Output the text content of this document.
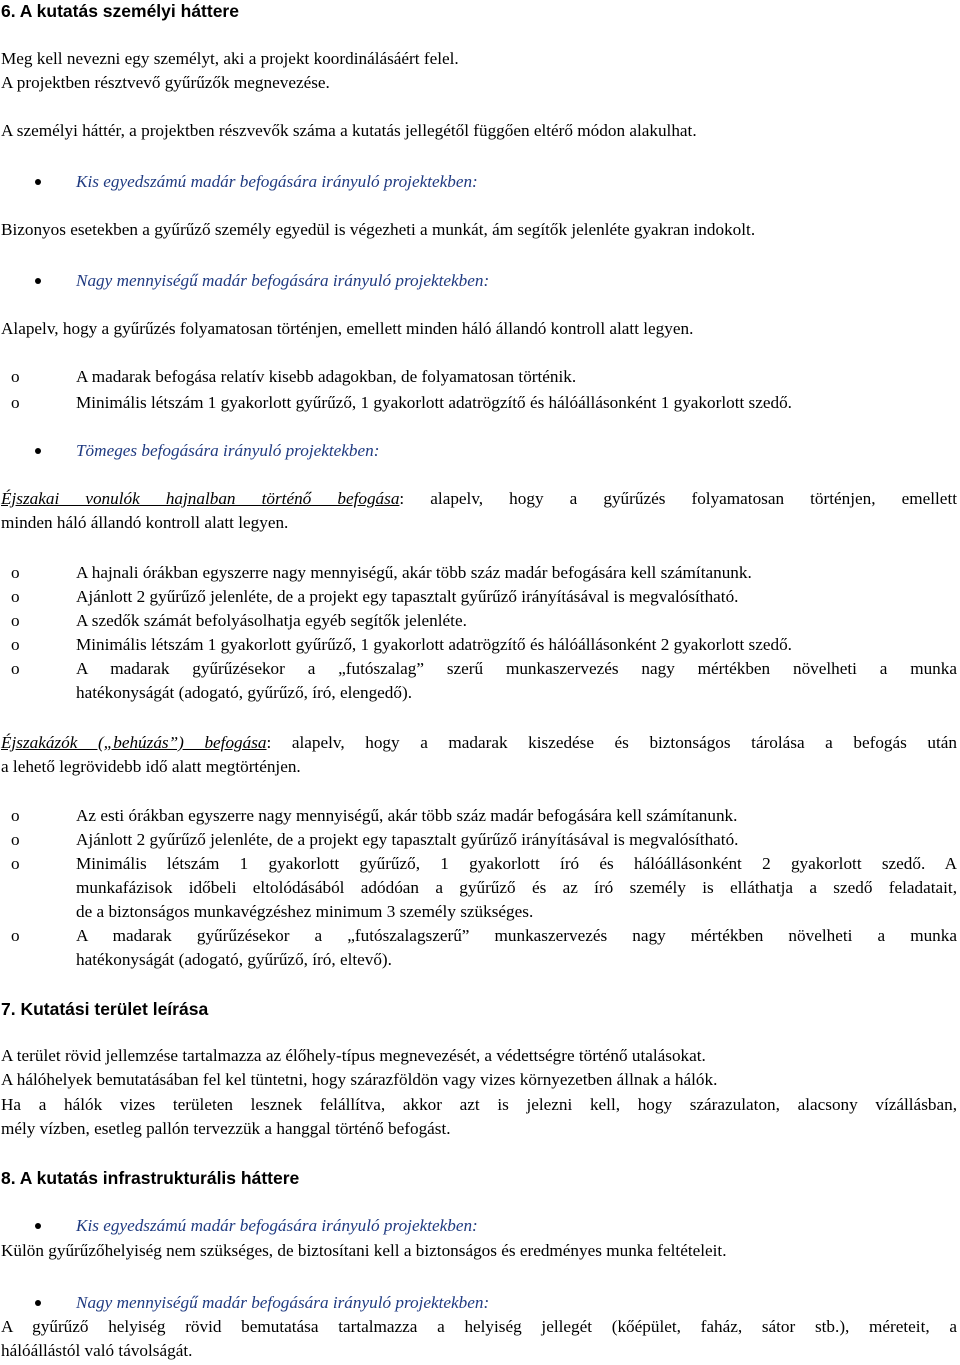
6. A kutatás személyi háttere
Meg kell nevezni egy személyt, aki a projekt koordinálásáért felel.
A projektben résztvevő gyűrűzők megnevezése.
A személyi háttér, a projektben részvevők száma a kutatás jellegétől függően eltérő módon alakulhat.
Kis egyedszámú madár befogására irányuló projektekben:
Bizonyos esetekben a gyűrűző személy egyedül is végezheti a munkát, ám segítők jelenléte gyakran indokolt.
Nagy mennyiségű madár befogására irányuló projektekben:
Alapelv, hogy a gyűrűzés folyamatosan történjen, emellett minden háló állandó kontroll alatt legyen.
o	A madarak befogása relatív kisebb adagokban, de folyamatosan történik.
o	Minimális létszám 1 gyakorlott gyűrűző, 1 gyakorlott adatrögzítő és hálóállásonként 1 gyakorlott szedő.
Tömeges befogására irányuló projektekben:
Éjszakai vonulók hajnalban történő befogása: alapelv, hogy a gyűrűzés folyamatosan történjen, emellett
minden háló állandó kontroll alatt legyen.
o	A hajnali órákban egyszerre nagy mennyiségű, akár több száz madár befogására kell számítanunk.
o	Ajánlott 2 gyűrűző jelenléte, de a projekt egy tapasztalt gyűrűző irányításával is megvalósítható.
o	A szedők számát befolyásolhatja egyéb segítők jelenléte.
o	Minimális létszám 1 gyakorlott gyűrűző, 1 gyakorlott adatrögzítő és hálóállásonként 2 gyakorlott szedő.
o	A madarak gyűrűzésekor a „futószalag” szerű munkaszervezés nagy mértékben növelheti a munka
hatékonyságát (adogató, gyűrűző, író, elengedő).
Éjszakázók („behúzás”) befogása: alapelv, hogy a madarak kiszedése és biztonságos tárolása a befogás után
a lehető legrövidebb idő alatt megtörténjen.
o	Az esti órákban egyszerre nagy mennyiségű, akár több száz madár befogására kell számítanunk.
o	Ajánlott 2 gyűrűző jelenléte, de a projekt egy tapasztalt gyűrűző irányításával is megvalósítható.
o	Minimális létszám 1 gyakorlott gyűrűző, 1 gyakorlott író és hálóállásonként 2 gyakorlott szedő. A
munkafázisok időbeli eltolódásából adódóan a gyűrűző és az író személy is elláthatja a szedő feladatait,
de a biztonságos munkavégzéshez minimum 3 személy szükséges.
o	A madarak gyűrűzésekor a „futószalagszerű” munkaszervezés nagy mértékben növelheti a munka
hatékonyságát (adogató, gyűrűző, író, eltevő).
7. Kutatási terület leírása
A terület rövid jellemzése tartalmazza az élőhely-típus megnevezését, a védettségre történő utalásokat.
A hálóhelyek bemutatásában fel kel tüntetni, hogy szárazföldön vagy vizes környezetben állnak a hálók.
Ha a hálók vizes területen lesznek felállítva, akkor azt is jelezni kell, hogy szárazulaton, alacsony vízállásban,
mély vízben, esetleg pallón tervezzük a hanggal történő befogást.
8. A kutatás infrastrukturális háttere
Kis egyedszámú madár befogására irányuló projektekben:
Külön gyűrűzőhelyiség nem szükséges, de biztosítani kell a biztonságos és eredményes munka feltételeit.
Nagy mennyiségű madár befogására irányuló projektekben:
A gyűrűző helyiség rövid bemutatása tartalmazza a helyiség jellegét (kőépület, faház, sátor stb.), méreteit, a
hálóállástól való távolságát.
